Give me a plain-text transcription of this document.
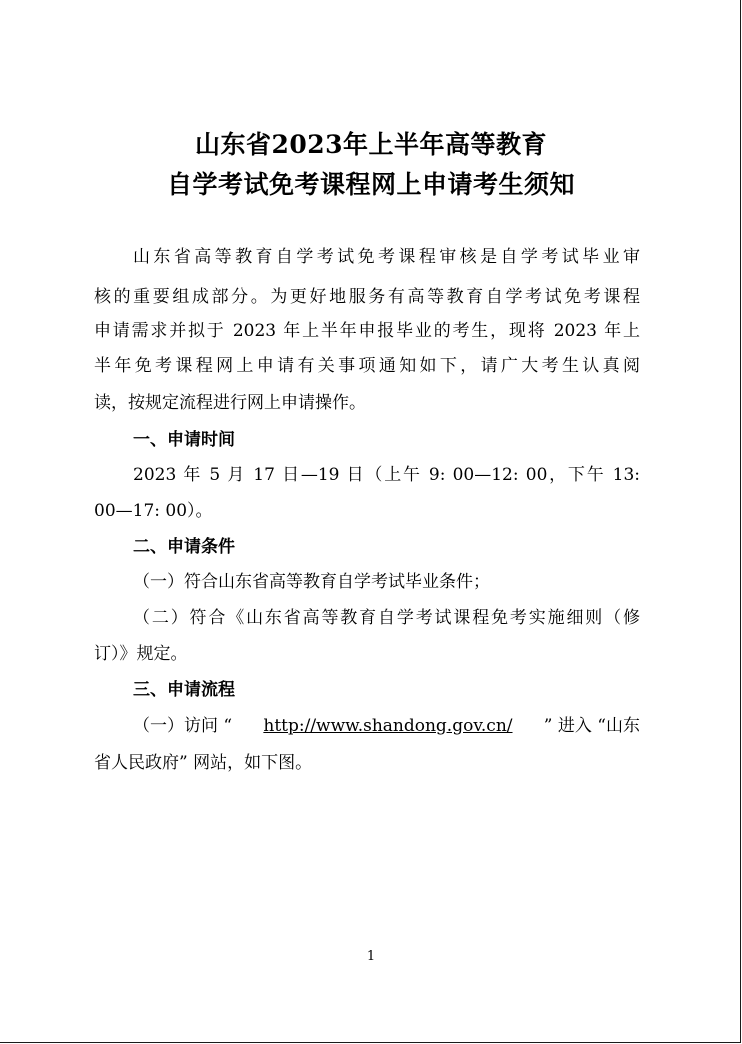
山东省2023年上半年高等教育
自学考试免考课程网上申请考生须知
山东省高等教育自学考试免考课程审核是自学考试毕业审
核的重要组成部分。为更好地服务有高等教育自学考试免考课程
申请需求并拟于 2023 年上半年申报毕业的考生，现将 2023 年上
半年免考课程网上申请有关事项通知如下，请广大考生认真阅
读，按规定流程进行网上申请操作。
一、申请时间
2023 年 5 月 17 日—19 日（上午 9: 00—12: 00，下午 13:
00—17: 00）。
二、申请条件
（一）符合山东省高等教育自学考试毕业条件；
（二）符合《山东省高等教育自学考试课程免考实施细则（修
订）》规定。
三、申请流程
（一）访问 “ http://www.shandong.gov.cn/ ” 进入 “山东
省人民政府” 网站，如下图。
1
